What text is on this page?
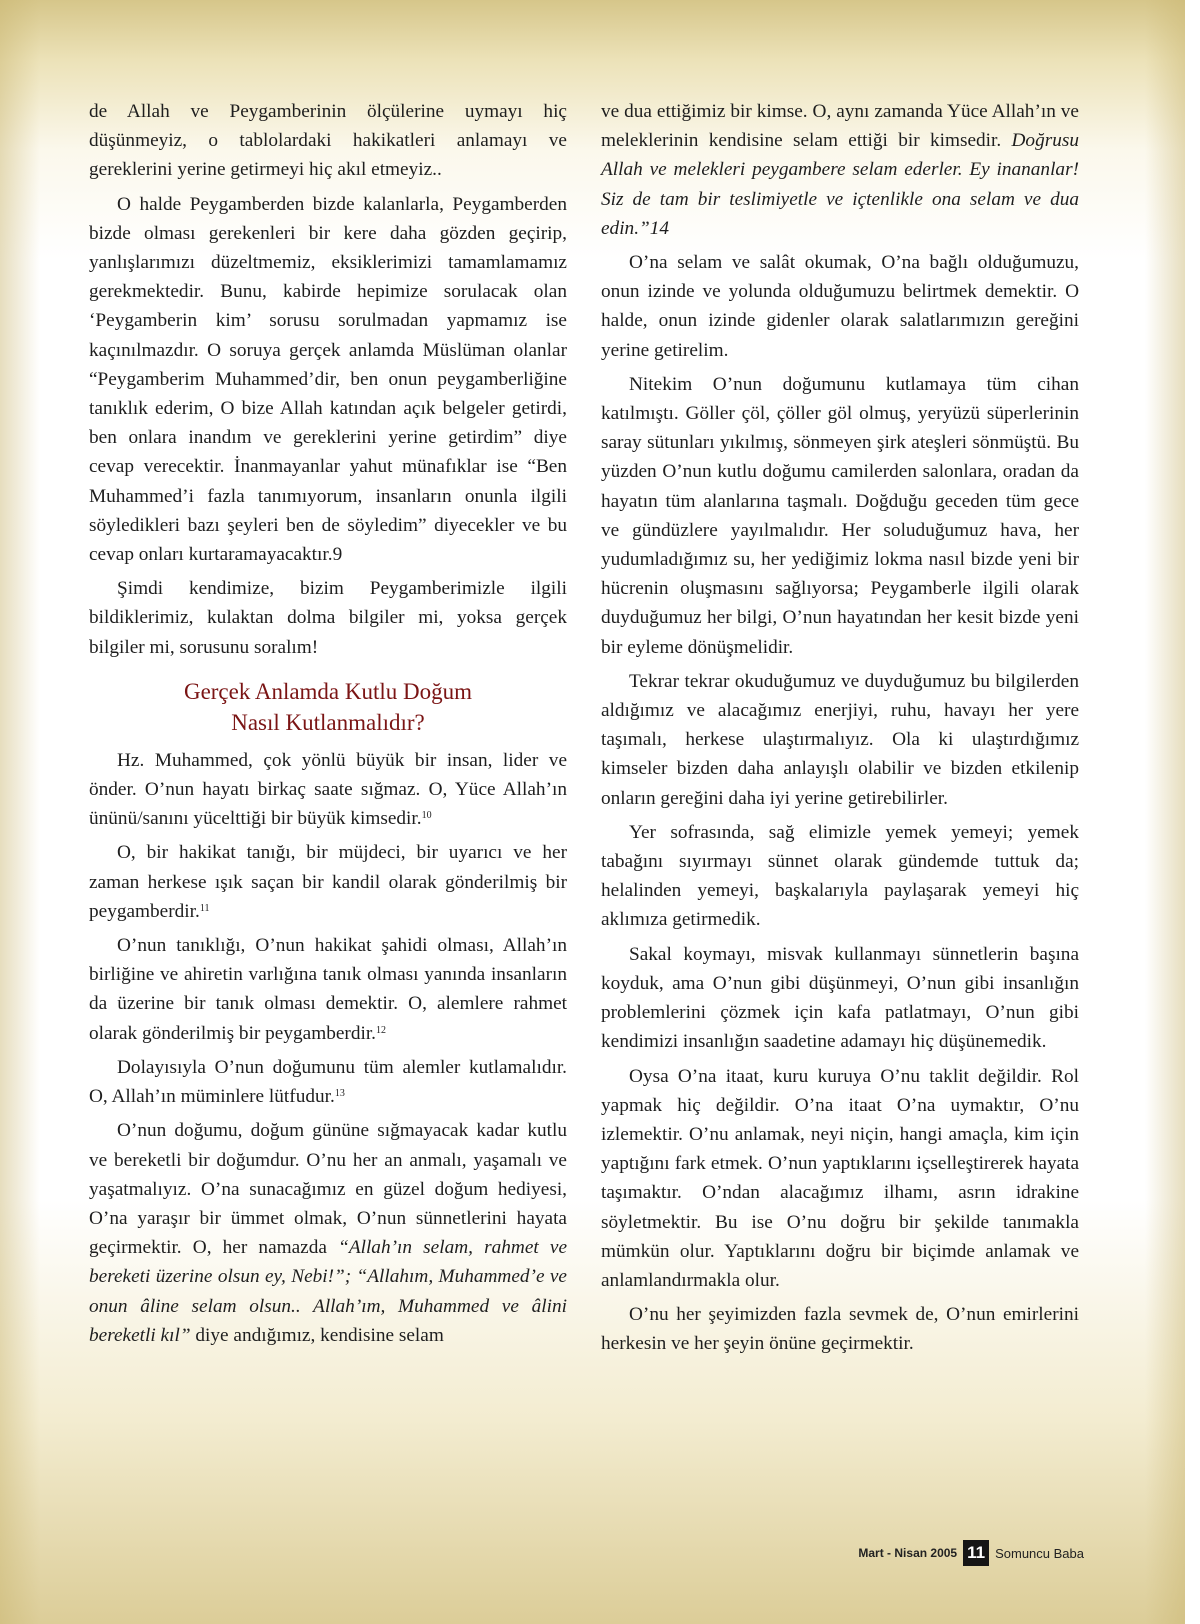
de Allah ve Peygamberinin ölçülerine uymayı hiç düşünmeyiz, o tablolardaki hakikatleri anlamayı ve gereklerini yerine getirmeyi hiç akıl etmeyiz..

O halde Peygamberden bizde kalanlarla, Peygamberden bizde olması gerekenleri bir kere daha gözden geçirip, yanlışlarımızı düzeltmemiz, eksiklerimizi tamamlamamız gerekmektedir. Bunu, kabirde hepimize sorulacak olan ‘Peygamberin kim’ sorusu sorulmadan yapmamız ise kaçınılmazdır. O soruya gerçek anlamda Müslüman olanlar “Peygamberim Muhammed’dir, ben onun peygamberliğine tanıklık ederim, O bize Allah katından açık belgeler getirdi, ben onlara inandım ve gereklerini yerine getirdim” diye cevap verecektir. İnanmayanlar yahut münafıklar ise “Ben Muhammed’i fazla tanımıyorum, insanların onunla ilgili söyledikleri bazı şeyleri ben de söyledim” diyecekler ve bu cevap onları kurtaramayacaktır.9

Şimdi kendimize, bizim Peygamberimizle ilgili bildiklerimiz, kulaktan dolma bilgiler mi, yoksa gerçek bilgiler mi, sorusunu soralım!

Gerçek Anlamda Kutlu Doğum
Nasıl Kutlanmalıdır?

Hz. Muhammed, çok yönlü büyük bir insan, lider ve önder. O’nun hayatı birkaç saate sığmaz. O, Yüce Allah’ın ününü/sanını yücelttiği bir büyük kimsedir.$^{10}$

O, bir hakikat tanığı, bir müjdeci, bir uyarıcı ve her zaman herkese ışık saçan bir kandil olarak gönderilmiş bir peygamberdir.$^{11}$

O’nun tanıklığı, O’nun hakikat şahidi olması, Allah’ın birliğine ve ahiretin varlığına tanık olması yanında insanların da üzerine bir tanık olması demektir. O, alemlere rahmet olarak gönderilmiş bir peygamberdir.$^{12}$

Dolayısıyla O’nun doğumunu tüm alemler kutlamalıdır. O, Allah’ın müminlere lütfudur.$^{13}$

O’nun doğumu, doğum gününe sığmayacak kadar kutlu ve bereketli bir doğumdur. O’nu her an anmalı, yaşamalı ve yaşatmalıyız. O’na sunacağımız en güzel doğum hediyesi, O’na yaraşır bir ümmet olmak, O’nun sünnetlerini hayata geçirmektir. O, her namazda “Allah’ın selam, rahmet ve bereketi üzerine olsun ey, Nebi!”; “Allahım, Muhammed’e ve onun âline selam olsun.. Allah’ım, Muhammed ve âlini bereketli kıl” diye andığımız, kendisine selam

ve dua ettiğimiz bir kimse. O, aynı zamanda Yüce Allah’ın ve meleklerinin kendisine selam ettiği bir kimsedir. Doğrusu Allah ve melekleri peygambere selam ederler. Ey inananlar! Siz de tam bir teslimiyetle ve içtenlikle ona selam ve dua edin.”14

O’na selam ve salât okumak, O’na bağlı olduğumuzu, onun izinde ve yolunda olduğumuzu belirtmek demektir. O halde, onun izinde gidenler olarak salatlarımızın gereğini yerine getirelim.

Nitekim O’nun doğumunu kutlamaya tüm cihan katılmıştı. Göller çöl, çöller göl olmuş, yeryüzü süperlerinin saray sütunları yıkılmış, sönmeyen şirk ateşleri sönmüştü. Bu yüzden O’nun kutlu doğumu camilerden salonlara, oradan da hayatın tüm alanlarına taşmalı. Doğduğu geceden tüm gece ve gündüzlere yayılmalıdır. Her soluduğumuz hava, her yudumladığımız su, her yediğimiz lokma nasıl bizde yeni bir hücrenin oluşmasını sağlıyorsa; Peygamberle ilgili olarak duyduğumuz her bilgi, O’nun hayatından her kesit bizde yeni bir eyleme dönüşmelidir.

Tekrar tekrar okuduğumuz ve duyduğumuz bu bilgilerden aldığımız ve alacağımız enerjiyi, ruhu, havayı her yere taşımalı, herkese ulaştırmalıyız. Ola ki ulaştırdığımız kimseler bizden daha anlayışlı olabilir ve bizden etkilenip onların gereğini daha iyi yerine getirebilirler.

Yer sofrasında, sağ elimizle yemek yemeyi; yemek tabağını sıyırmayı sünnet olarak gündemde tuttuk da; helalinden yemeyi, başkalarıyla paylaşarak yemeyi hiç aklımıza getirmedik.

Sakal koymayı, misvak kullanmayı sünnetlerin başına koyduk, ama O’nun gibi düşünmeyi, O’nun gibi insanlığın problemlerini çözmek için kafa patlatmayı, O’nun gibi kendimizi insanlığın saadetine adamayı hiç düşünemedik.

Oysa O’na itaat, kuru kuruya O’nu taklit değildir. Rol yapmak hiç değildir. O’na itaat O’na uymaktır, O’nu izlemektir. O’nu anlamak, neyi niçin, hangi amaçla, kim için yaptığını fark etmek. O’nun yaptıklarını içselleştirerek hayata taşımaktır. O’ndan alacağımız ilhamı, asrın idrakine söyletmektir. Bu ise O’nu doğru bir şekilde tanımakla mümkün olur. Yaptıklarını doğru bir biçimde anlamak ve anlamlandırmakla olur.

O’nu her şeyimizden fazla sevmek de, O’nun emirlerini herkesin ve her şeyin önüne geçirmektir.

Mart - Nisan 2005 11 Somuncu Baba
